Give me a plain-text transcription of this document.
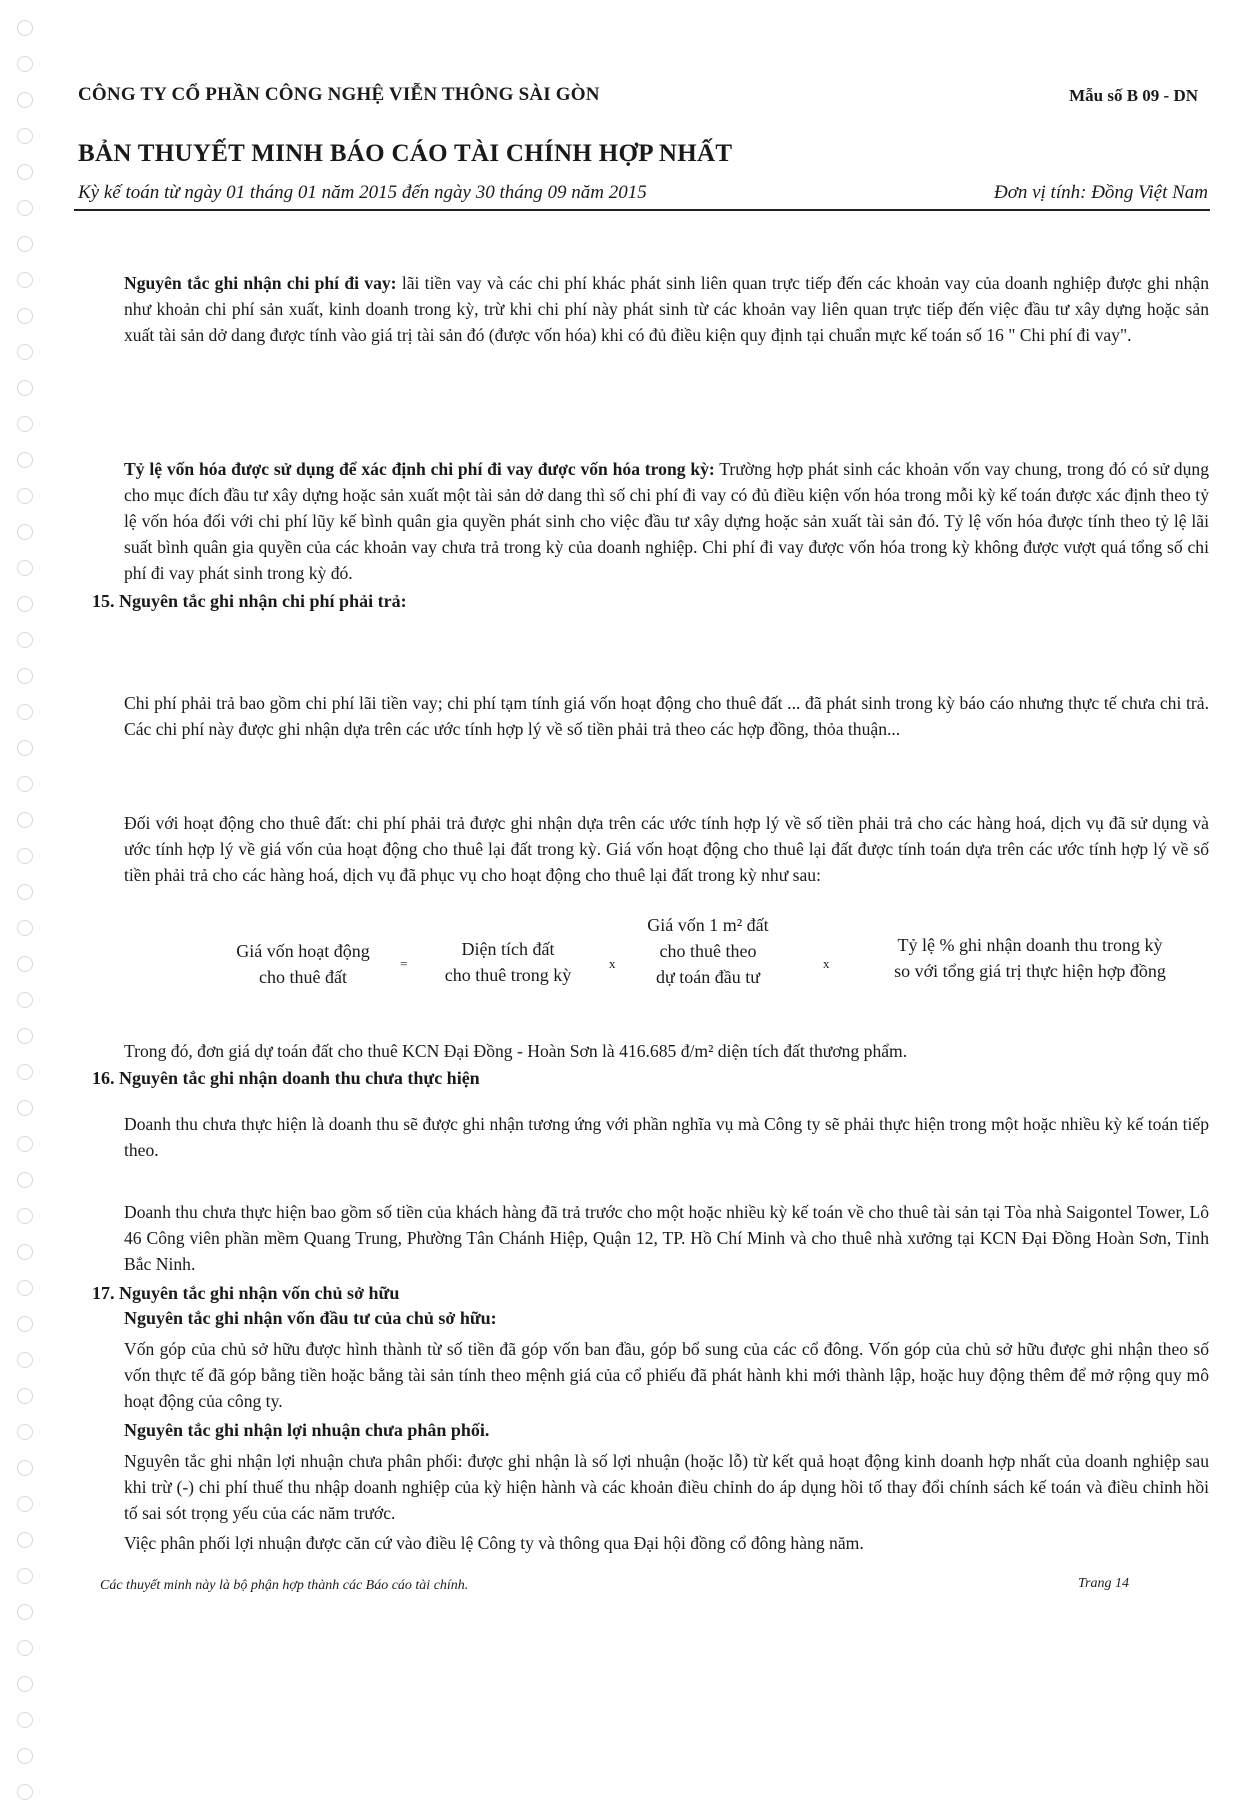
CÔNG TY CỔ PHẦN CÔNG NGHỆ VIỄN THÔNG SÀI GÒN	Mẫu số B 09 - DN
BẢN THUYẾT MINH BÁO CÁO TÀI CHÍNH HỢP NHẤT
Kỳ kế toán từ ngày 01 tháng 01 năm 2015 đến ngày 30 tháng 09 năm 2015	Đơn vị tính: Đồng Việt Nam
Nguyên tắc ghi nhận chi phí đi vay: lãi tiền vay và các chi phí khác phát sinh liên quan trực tiếp đến các khoản vay của doanh nghiệp được ghi nhận như khoản chi phí sản xuất, kinh doanh trong kỳ, trừ khi chi phí này phát sinh từ các khoản vay liên quan trực tiếp đến việc đầu tư xây dựng hoặc sản xuất tài sản dở dang được tính vào giá trị tài sản đó (được vốn hóa) khi có đủ điều kiện quy định tại chuẩn mực kế toán số 16 " Chi phí đi vay".
Tỷ lệ vốn hóa được sử dụng để xác định chi phí đi vay được vốn hóa trong kỳ: Trường hợp phát sinh các khoản vốn vay chung, trong đó có sử dụng cho mục đích đầu tư xây dựng hoặc sản xuất một tài sản dở dang thì số chi phí đi vay có đủ điều kiện vốn hóa trong mỗi kỳ kế toán được xác định theo tỷ lệ vốn hóa đối với chi phí lũy kế bình quân gia quyền phát sinh cho việc đầu tư xây dựng hoặc sản xuất tài sản đó. Tỷ lệ vốn hóa được tính theo tỷ lệ lãi suất bình quân gia quyền của các khoản vay chưa trả trong kỳ của doanh nghiệp. Chi phí đi vay được vốn hóa trong kỳ không được vượt quá tổng số chi phí đi vay phát sinh trong kỳ đó.
15. Nguyên tắc ghi nhận chi phí phải trả:
Chi phí phải trả bao gồm chi phí lãi tiền vay; chi phí tạm tính giá vốn hoạt động cho thuê đất ... đã phát sinh trong kỳ báo cáo nhưng thực tế chưa chi trả. Các chi phí này được ghi nhận dựa trên các ước tính hợp lý về số tiền phải trả theo các hợp đồng, thỏa thuận...
Đối với hoạt động cho thuê đất: chi phí phải trả được ghi nhận dựa trên các ước tính hợp lý về số tiền phải trả cho các hàng hoá, dịch vụ đã sử dụng và ước tính hợp lý về giá vốn của hoạt động cho thuê lại đất trong kỳ. Giá vốn hoạt động cho thuê lại đất được tính toán dựa trên các ước tính hợp lý về số tiền phải trả cho các hàng hoá, dịch vụ đã phục vụ cho hoạt động cho thuê lại đất trong kỳ như sau:
Giá vốn hoạt động
cho thuê đất
=
Diện tích đất
cho thuê trong kỳ
x
Giá vốn 1 m² đất
cho thuê theo
dự toán đầu tư
x
Tỷ lệ % ghi nhận doanh thu trong kỳ
so với tổng giá trị thực hiện hợp đồng
Trong đó, đơn giá dự toán đất cho thuê KCN Đại Đồng - Hoàn Sơn là 416.685 đ/m² diện tích đất thương phẩm.
16. Nguyên tắc ghi nhận doanh thu chưa thực hiện
Doanh thu chưa thực hiện là doanh thu sẽ được ghi nhận tương ứng với phần nghĩa vụ mà Công ty sẽ phải thực hiện trong một hoặc nhiều kỳ kế toán tiếp theo.
Doanh thu chưa thực hiện bao gồm số tiền của khách hàng đã trả trước cho một hoặc nhiều kỳ kế toán về cho thuê tài sản tại Tòa nhà Saigontel Tower, Lô 46 Công viên phần mềm Quang Trung, Phường Tân Chánh Hiệp, Quận 12, TP. Hồ Chí Minh và cho thuê nhà xưởng tại KCN Đại Đồng Hoàn Sơn, Tỉnh Bắc Ninh.
17. Nguyên tắc ghi nhận vốn chủ sở hữu
Nguyên tắc ghi nhận vốn đầu tư của chủ sở hữu:
Vốn góp của chủ sở hữu được hình thành từ số tiền đã góp vốn ban đầu, góp bổ sung của các cổ đông. Vốn góp của chủ sở hữu được ghi nhận theo số vốn thực tế đã góp bằng tiền hoặc bằng tài sản tính theo mệnh giá của cổ phiếu đã phát hành khi mới thành lập, hoặc huy động thêm để mở rộng quy mô hoạt động của công ty.
Nguyên tắc ghi nhận lợi nhuận chưa phân phối.
Nguyên tắc ghi nhận lợi nhuận chưa phân phối: được ghi nhận là số lợi nhuận (hoặc lỗ) từ kết quả hoạt động kinh doanh hợp nhất của doanh nghiệp sau khi trừ (-) chi phí thuế thu nhập doanh nghiệp của kỳ hiện hành và các khoản điều chỉnh do áp dụng hồi tố thay đổi chính sách kế toán và điều chỉnh hồi tố sai sót trọng yếu của các năm trước.
Việc phân phối lợi nhuận được căn cứ vào điều lệ Công ty và thông qua Đại hội đồng cổ đông hàng năm.
Các thuyết minh này là bộ phận hợp thành các Báo cáo tài chính.	Trang 14
